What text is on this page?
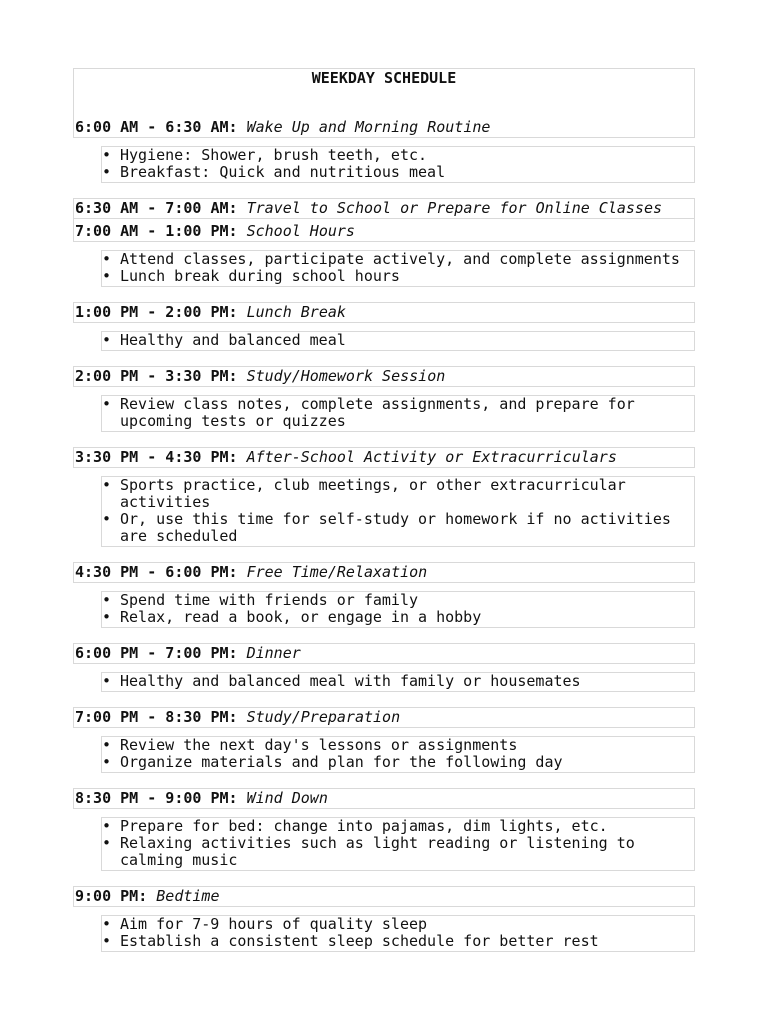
WEEKDAY SCHEDULE
6:00 AM - 6:30 AM: Wake Up and Morning Routine
• Hygiene: Shower, brush teeth, etc.
• Breakfast: Quick and nutritious meal
6:30 AM - 7:00 AM: Travel to School or Prepare for Online Classes
7:00 AM - 1:00 PM: School Hours
• Attend classes, participate actively, and complete assignments
• Lunch break during school hours
1:00 PM - 2:00 PM: Lunch Break
• Healthy and balanced meal
2:00 PM - 3:30 PM: Study/Homework Session
• Review class notes, complete assignments, and prepare for upcoming tests or quizzes
3:30 PM - 4:30 PM: After-School Activity or Extracurriculars
• Sports practice, club meetings, or other extracurricular activities
• Or, use this time for self-study or homework if no activities are scheduled
4:30 PM - 6:00 PM: Free Time/Relaxation
• Spend time with friends or family
• Relax, read a book, or engage in a hobby
6:00 PM - 7:00 PM: Dinner
• Healthy and balanced meal with family or housemates
7:00 PM - 8:30 PM: Study/Preparation
• Review the next day's lessons or assignments
• Organize materials and plan for the following day
8:30 PM - 9:00 PM: Wind Down
• Prepare for bed: change into pajamas, dim lights, etc.
• Relaxing activities such as light reading or listening to calming music
9:00 PM: Bedtime
• Aim for 7-9 hours of quality sleep
• Establish a consistent sleep schedule for better rest
